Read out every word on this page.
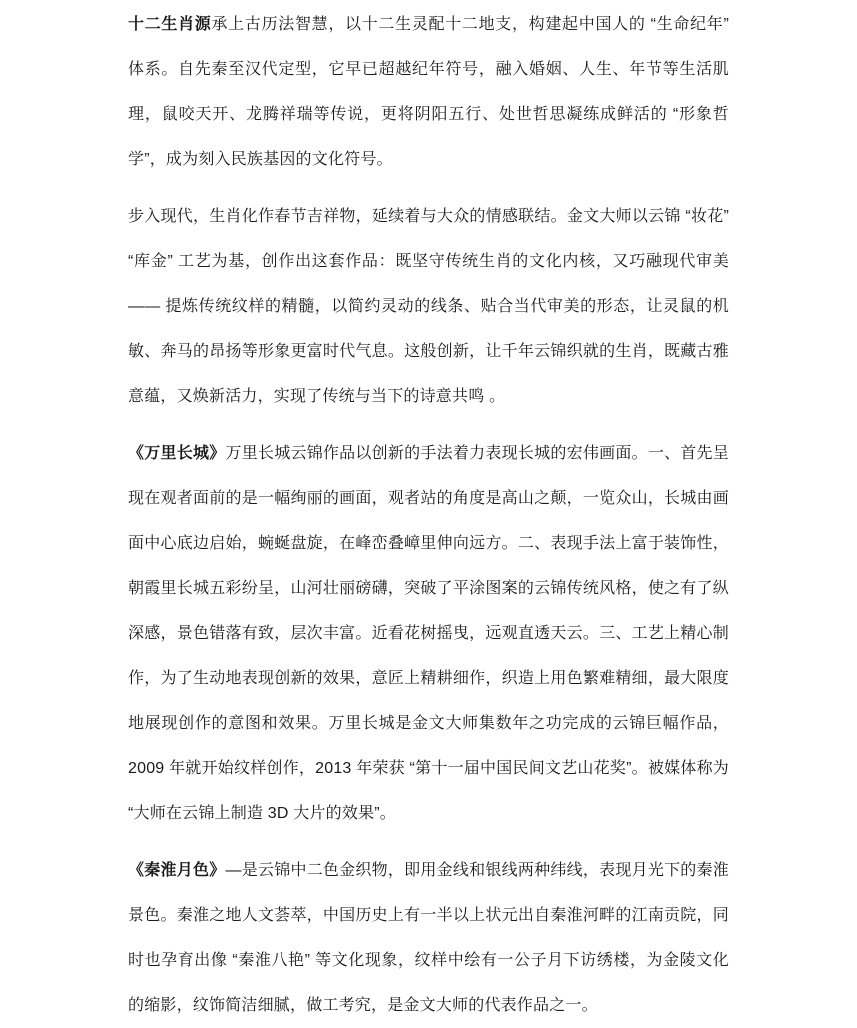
十二生肖源承上古历法智慧，以十二生灵配十二地支，构建起中国人的 “生命纪年” 体系。自先秦至汉代定型，它早已超越纪年符号，融入婚姻、人生、年节等生活肌理，鼠咬天开、龙腾祥瑞等传说，更将阴阳五行、处世哲思凝练成鲜活的 “形象哲学”，成为刻入民族基因的文化符号。

步入现代，生肖化作春节吉祥物，延续着与大众的情感联结。金文大师以云锦 “妆花” “库金” 工艺为基，创作出这套作品：既坚守传统生肖的文化内核，又巧融现代审美 —— 提炼传统纹样的精髓，以简约灵动的线条、贴合当代审美的形态，让灵鼠的机敏、奔马的昂扬等形象更富时代气息。这般创新，让千年云锦织就的生肖，既藏古雅意蕴，又焕新活力，实现了传统与当下的诗意共鸣 。

《万里长城》万里长城云锦作品以创新的手法着力表现长城的宏伟画面。一、首先呈现在观者面前的是一幅绚丽的画面，观者站的角度是高山之颠，一览众山，长城由画面中心底边启始，蜿蜒盘旋，在峰峦叠嶂里伸向远方。二、表现手法上富于装饰性，朝霞里长城五彩纷呈，山河壮丽磅礴，突破了平涂图案的云锦传统风格，使之有了纵深感，景色错落有致，层次丰富。近看花树摇曳，远观直透天云。三、工艺上精心制作，为了生动地表现创新的效果，意匠上精耕细作，织造上用色繁难精细，最大限度地展现创作的意图和效果。万里长城是金文大师集数年之功完成的云锦巨幅作品，2009 年就开始纹样创作，2013 年荣获 “第十一届中国民间文艺山花奖”。被媒体称为 “大师在云锦上制造 3D 大片的效果”。

《秦淮月色》—是云锦中二色金织物，即用金线和银线两种纬线，表现月光下的秦淮景色。秦淮之地人文荟萃，中国历史上有一半以上状元出自秦淮河畔的江南贡院，同时也孕育出像 “秦淮八艳” 等文化现象，纹样中绘有一公子月下访绣楼，为金陵文化的缩影，纹饰简洁细腻，做工考究，是金文大师的代表作品之一。
